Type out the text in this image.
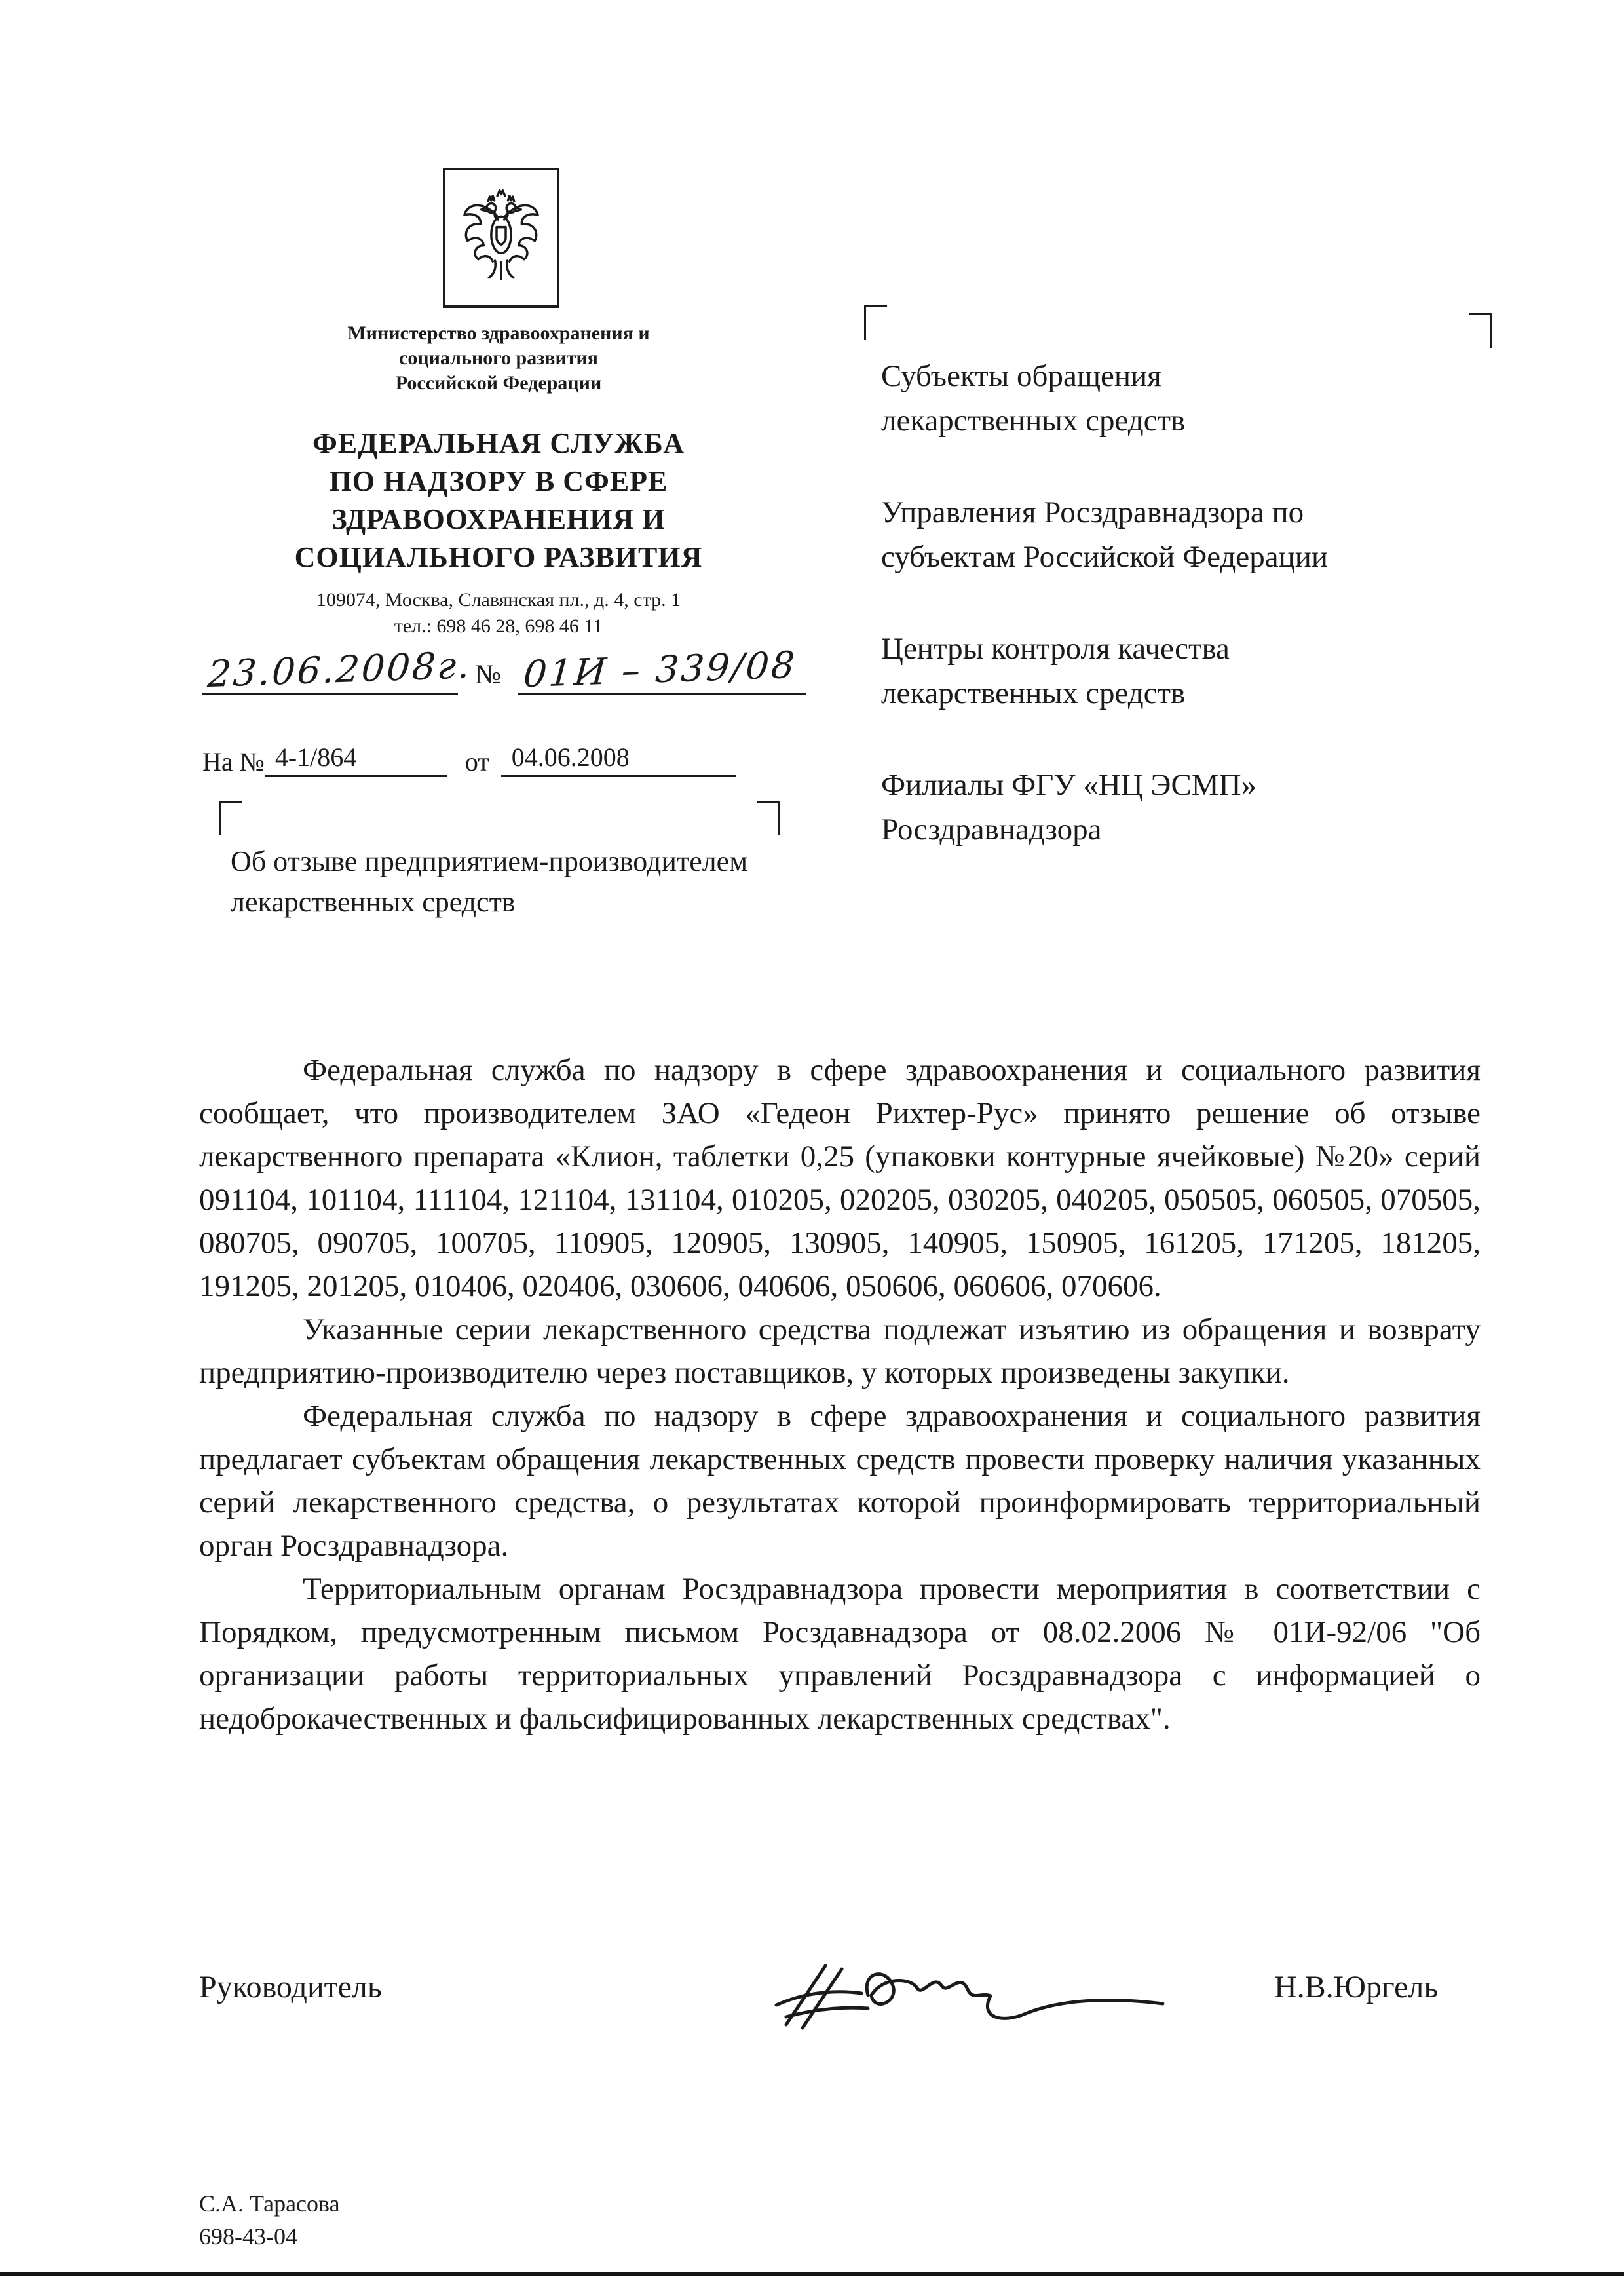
Министерство здравоохранения и
социального развития
Российской Федерации
ФЕДЕРАЛЬНАЯ СЛУЖБА
ПО НАДЗОРУ В СФЕРЕ
ЗДРАВООХРАНЕНИЯ И
СОЦИАЛЬНОГО РАЗВИТИЯ
109074, Москва, Славянская пл., д. 4, стр. 1
тел.: 698 46 28, 698 46 11
23.06.2008г.№ 01И – 339/08
На № 4-1/864	от 04.06.2008
Об отзыве предприятием-производителем
лекарственных средств
Субъекты обращения
лекарственных средств
Управления Росздравнадзора по
субъектам Российской Федерации
Центры контроля качества
лекарственных средств
Филиалы ФГУ «НЦ ЭСМП»
Росздравнадзора

Федеральная служба по надзору в сфере здравоохранения и социального развития сообщает, что производителем ЗАО «Гедеон Рихтер-Рус» принято решение об отзыве лекарственного препарата «Клион, таблетки 0,25 (упаковки контурные ячейковые) №20» серий 091104, 101104, 111104, 121104, 131104, 010205, 020205, 030205, 040205, 050505, 060505, 070505, 080705, 090705, 100705, 110905, 120905, 130905, 140905, 150905, 161205, 171205, 181205, 191205, 201205, 010406, 020406, 030606, 040606, 050606, 060606, 070606.

Указанные серии лекарственного средства подлежат изъятию из обращения и возврату предприятию-производителю через поставщиков, у которых произведены закупки.

Федеральная служба по надзору в сфере здравоохранения и социального развития предлагает субъектам обращения лекарственных средств провести проверку наличия указанных серий лекарственного средства, о результатах которой проинформировать территориальный орган Росздравнадзора.

Территориальным органам Росздравнадзора провести мероприятия в соответствии с Порядком, предусмотренным письмом Росздавнадзора от 08.02.2006 № 01И-92/06 "Об организации работы территориальных управлений Росздравнадзора с информацией о недоброкачественных и фальсифицированных лекарственных средствах".

Руководитель	Н.В.Юргель
С.А. Тарасова
698-43-04
